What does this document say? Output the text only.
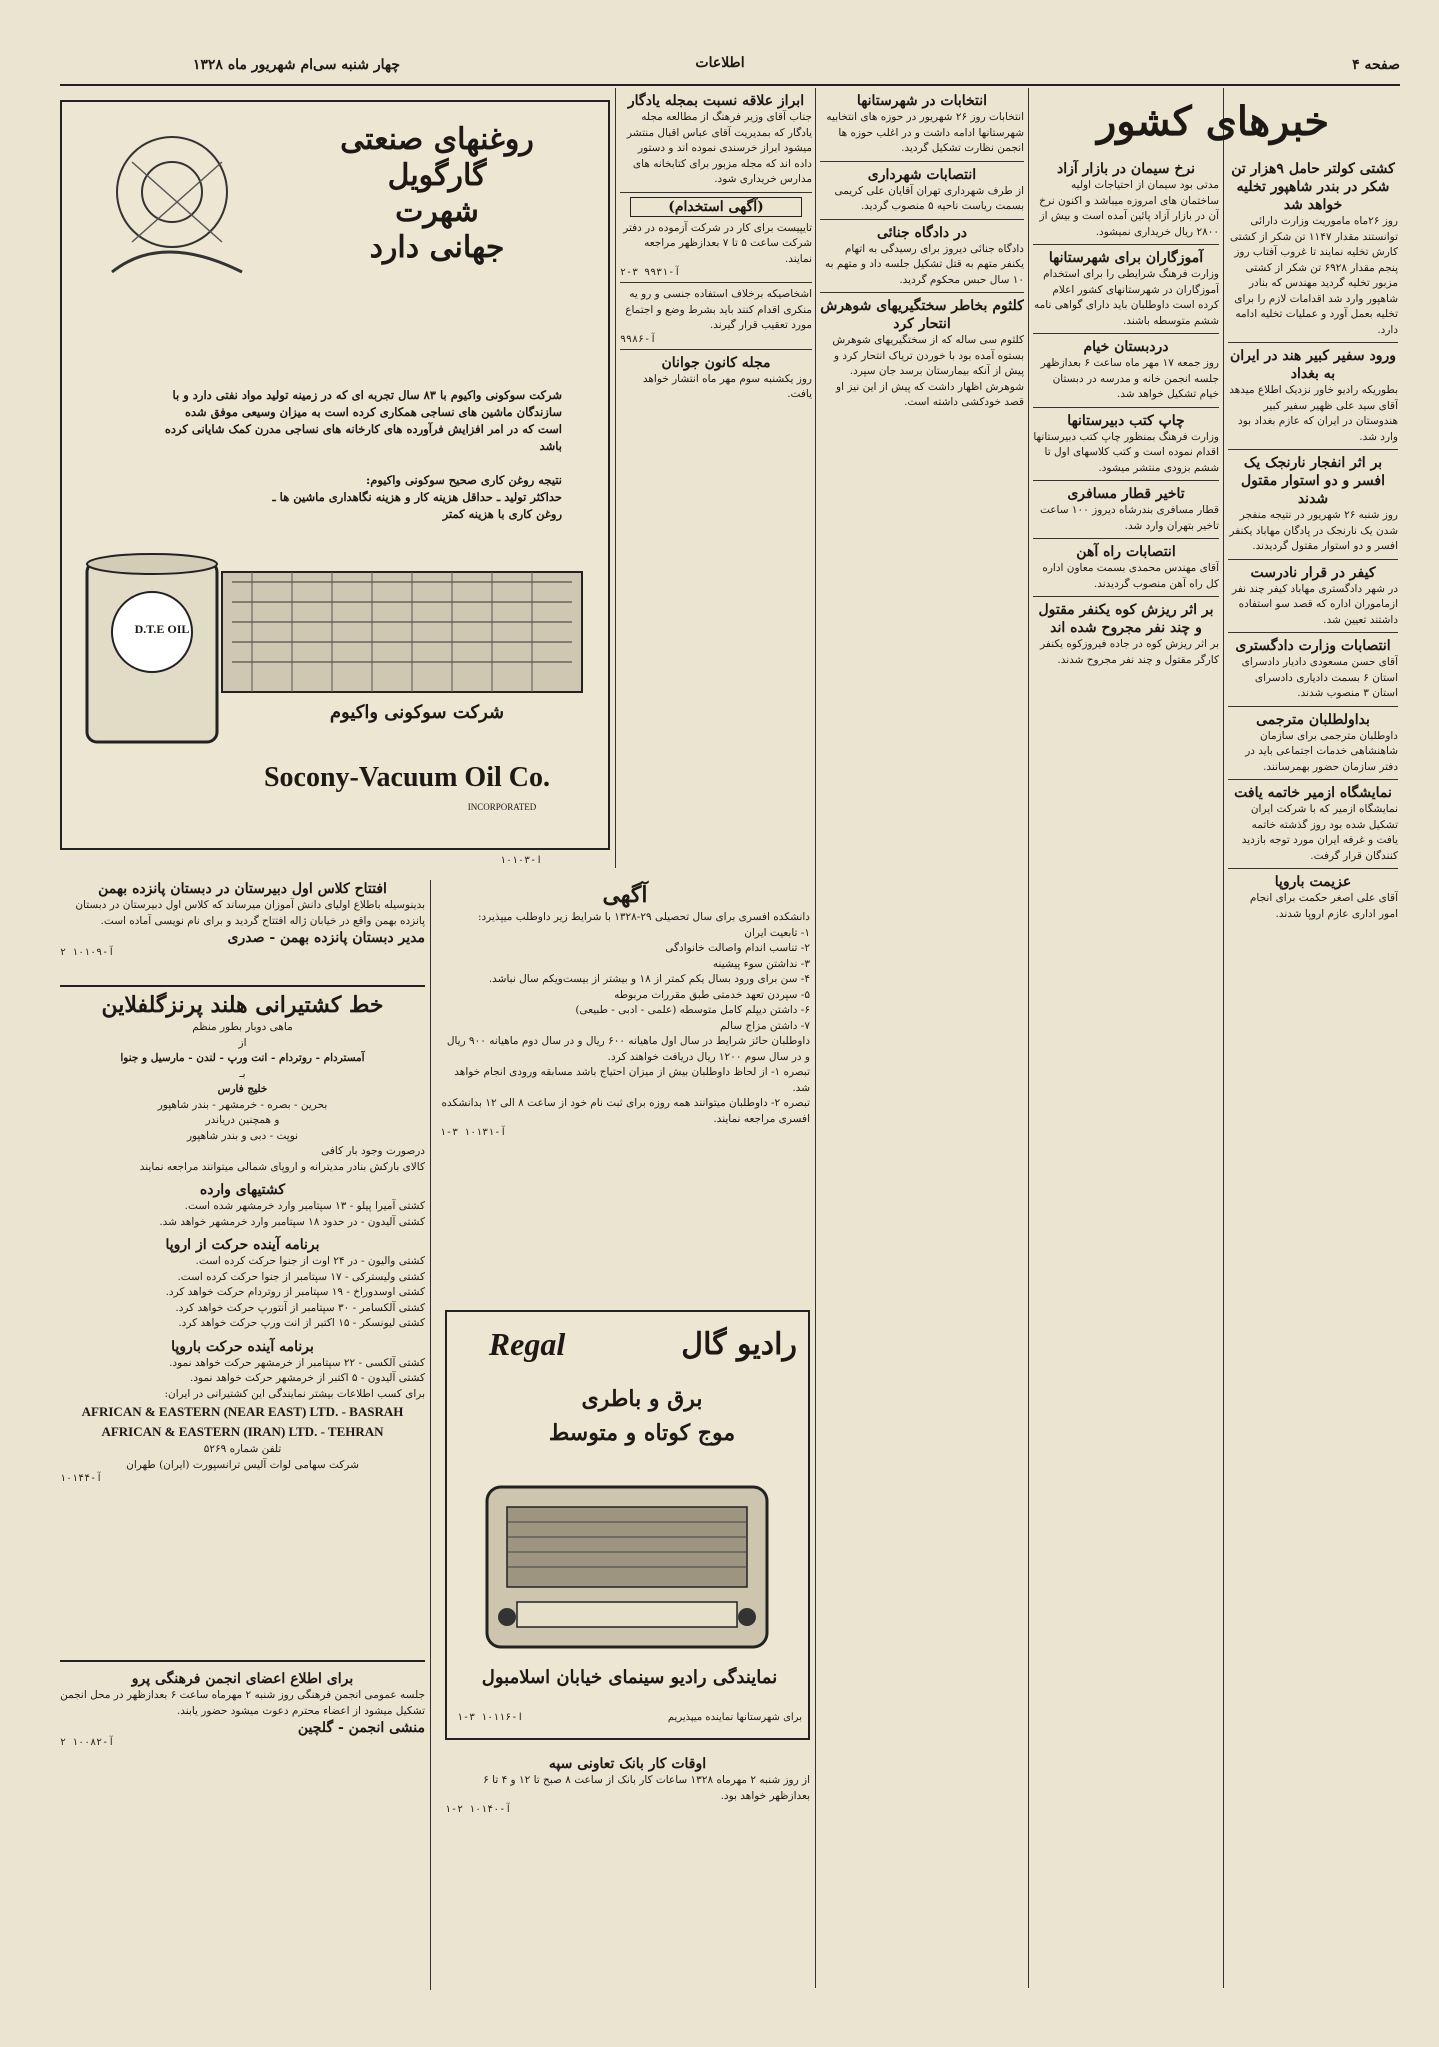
صفحه ۴
اطلاعات
چهار شنبه سی‌ام شهریور ماه ۱۳۲۸
خبرهای کشور
کشتی کولتر حامل ۹هزار تن شکر در بندر شاهپور تخلیه خواهد شد
روز ۲۶ماه ماموریت وزارت دارائی توانستند مقدار ۱۱۴۷ تن شکر از کشتی کارش تخلیه نمایند تا غروب آفتاب روز پنجم مقدار ۶۹۲۸ تن شکر از کشتی مزبور تخلیه گردید مهندس که بنادر شاهپور وارد شد اقدامات لازم را برای تخلیه بعمل آورد و عملیات تخلیه ادامه دارد.
ورود سفیر کبیر هند در ایران به بغداد
بطوریکه رادیو خاور نزدیک اطلاع میدهد آقای سید علی ظهیر سفیر کبیر هندوستان در ایران که عازم بغداد بود وارد شد.
بر اثر انفجار نارنجک یک افسر و دو استوار مقتول شدند
روز شنبه ۲۶ شهریور در نتیجه منفجر شدن یک نارنجک در پادگان مهاباد یکنفر افسر و دو استوار مقتول گردیدند.
کیفر در قرار نادرست
در شهر دادگستری مهاباد کیفر چند نفر ازماموران اداره که قصد سو استفاده داشتند تعیین شد.
انتصابات وزارت دادگستری
آقای حسن مسعودی دادیار دادسرای استان ۶ بسمت دادیاری دادسرای استان ۳ منصوب شدند.
بداولطلبان مترجمی
داوطلبان مترجمی برای سازمان شاهنشاهی خدمات اجتماعی باید در دفتر سازمان حضور بهمرسانند.
نمایشگاه ازمیر خاتمه یافت
نمایشگاه ازمیر که با شرکت ایران تشکیل شده بود روز گذشته خاتمه یافت و غرفه ایران مورد توجه بازدید کنندگان قرار گرفت.
عزیمت باروپا
آقای علی اصغر حکمت برای انجام امور اداری عازم اروپا شدند.
نرخ سیمان در بازار آزاد
مدتی بود سیمان از احتیاجات اولیه ساختمان های امروزه میباشد و اکنون نرخ آن در بازار آزاد پائین آمده است و بیش از ۲۸۰۰ ریال خریداری نمیشود.
آموزگاران برای شهرستانها
وزارت فرهنگ شرایطی را برای استخدام آموزگاران در شهرستانهای کشور اعلام کرده است داوطلبان باید دارای گواهی نامه ششم متوسطه باشند.
دردبستان خیام
روز جمعه ۱۷ مهر ماه ساعت ۶ بعدازظهر جلسه انجمن خانه و مدرسه در دبستان خیام تشکیل خواهد شد.
چاپ کتب دبیرستانها
وزارت فرهنگ بمنظور چاپ کتب دبیرستانها اقدام نموده است و کتب کلاسهای اول تا ششم بزودی منتشر میشود.
تاخیر قطار مسافری
قطار مسافری بندرشاه دیروز ۱۰۰ ساعت تاخیر بتهران وارد شد.
انتصابات راه آهن
آقای مهندس محمدی بسمت معاون اداره کل راه آهن منصوب گردیدند.
بر اثر ریزش کوه یکنفر مقتول و چند نفر مجروح شده اند
بر اثر ریزش کوه در جاده فیروزکوه یکنفر کارگر مقتول و چند نفر مجروح شدند.
انتخابات در شهرستانها
انتخابات روز ۲۶ شهریور در حوزه های انتخابیه شهرستانها ادامه داشت و در اغلب حوزه ها انجمن نظارت تشکیل گردید.
انتصابات شهرداری
از طرف شهرداری تهران آقایان علی کریمی بسمت ریاست ناحیه ۵ منصوب گردید.
در دادگاه جنائی
دادگاه جنائی دیروز برای رسیدگی به اتهام یکنفر متهم به قتل تشکیل جلسه داد و متهم به ۱۰ سال حبس محکوم گردید.
کلثوم بخاطر سختگیریهای شوهرش انتحار کرد
کلثوم سی ساله که از سختگیریهای شوهرش بستوه آمده بود با خوردن تریاک انتحار کرد و پیش از آنکه بیمارستان برسد جان سپرد. شوهرش اظهار داشت که پیش از این نیز او قصد خودکشی داشته است.
ابراز علاقه نسبت بمجله یادگار
جناب آقای وزیر فرهنگ از مطالعه مجله یادگار که بمدیریت آقای عباس اقبال منتشر میشود ابراز خرسندی نموده اند و دستور داده اند که مجله مزبور برای کتابخانه های مدارس خریداری شود.
(آگهی استخدام)
تایپیست برای کار در شرکت آزموده در دفتر شرکت ساعت ۵ تا ۷ بعدازظهر مراجعه نمایند.
آ-۹۹۳۱ ۳-۲
اشخاصیکه برخلاف استفاده جنسی و رو یه منکری اقدام کنند باید بشرط وضع و اجتماع مورد تعقیب قرار گیرند.
آ-۹۹۸۶
مجله کانون جوانان
روز یکشنبه سوم مهر ماه انتشار خواهد یافت.
روغنهای صنعتی
گارگویل
شهرت
جهانی دارد
شرکت سوکونی واکیوم با ۸۳ سال تجربه ای که در زمینه تولید مواد نفتی دارد و با سازندگان ماشین های نساجی همکاری کرده است به میزان وسیعی موفق شده است که در امر افزایش فرآورده های کارخانه های نساجی مدرن کمک شایانی کرده باشد
نتیجه روغن کاری صحیح سوکونی واکیوم:
حداکثر تولید ـ حداقل هزینه کار و هزینه نگاهداری ماشین ها ـ
روغن کاری با هزینه کمتر
D.T.E OIL
شرکت سوکونی واکیوم
Socony-Vacuum Oil Co.
INCORPORATED
آ-۱۰۱۰۳
افتتاح کلاس اول دبیرستان در دبستان پانزده بهمن
بدینوسیله باطلاع اولیای دانش آموزان میرساند که کلاس اول دبیرستان در دبستان پانزده بهمن واقع در خیابان ژاله افتتاح گردید و برای نام نویسی آماده است.
مدیر دبستان پانزده بهمن - صدری
آ-۱۰۱۰۹ ۲
خط کشتیرانی هلند پرنزگلفلاین
ماهی دوبار بطور منظم
از
آمستردام - روتردام - انت ورپ - لندن - مارسیل و جنوا
بـ
خلیج فارس
بحرین - بصره - خرمشهر - بندر شاهپور
و همچنین دریاندر
نوپت - دبی و بندر شاهپور
درصورت وجود بار کافی
کالای بارکش بنادر مدیترانه و اروپای شمالی میتوانند مراجعه نمایند
کشتیهای وارده
کشتی آمیرا پیلو - ۱۳ سپتامبر وارد خرمشهر شده است.
کشتی آلیدون - در حدود ۱۸ سپتامبر وارد خرمشهر خواهد شد.
برنامه آینده حرکت از اروپا
کشتی والیون - در ۲۴ اوت از جنوا حرکت کرده است.
کشتی ولیسترکی - ۱۷ سپتامبر از جنوا حرکت کرده است.
کشتی اوسدوراخ - ۱۹ سپتامبر از روتردام حرکت خواهد کرد.
کشتی آلکسامر - ۳۰ سپتامبر از آنتورپ حرکت خواهد کرد.
کشتی لیونسکر - ۱۵ اکتبر از انت ورپ حرکت خواهد کرد.
برنامه آینده حرکت باروپا
کشتی آلکسی - ۲۲ سپتامبر از خرمشهر حرکت خواهد نمود.
کشتی آلیدون - ۵ اکتبر از خرمشهر حرکت خواهد نمود.
برای کسب اطلاعات بیشتر نمایندگی این کشتیرانی در ایران:
AFRICAN & EASTERN (NEAR EAST) LTD. - BASRAH
AFRICAN & EASTERN (IRAN) LTD. - TEHRAN
تلفن شماره ۵۲۶۹
شرکت سهامی لوات آلیس ترانسپورت (ایران) طهران
آ-۱۰۱۴۴
برای اطلاع اعضای انجمن فرهنگی پرو
جلسه عمومی انجمن فرهنگی روز شنبه ۲ مهرماه ساعت ۶ بعدازظهر در محل انجمن تشکیل میشود از اعضاء محترم دعوت میشود حضور یابند.
منشی انجمن - گلچین
آ-۱۰۰۸۲ ۲
آگهی
دانشکده افسری برای سال تحصیلی ۲۹-۱۳۲۸ با شرایط زیر داوطلب میپذیرد:
۱- تابعیت ایران
۲- تناسب اندام واصالت خانوادگی
۳- نداشتن سوء پیشینه
۴- سن برای ورود بسال یکم کمتر از ۱۸ و بیشتر از بیست‌ویکم سال نباشد.
۵- سپردن تعهد خدمتی طبق مقررات مربوطه
۶- داشتن دیپلم کامل متوسطه (علمی - ادبی - طبیعی)
۷- داشتن مزاج سالم
داوطلبان حائز شرایط در سال اول ماهیانه ۶۰۰ ریال و در سال دوم ماهیانه ۹۰۰ ریال و در سال سوم ۱۲۰۰ ریال دریافت خواهند کرد.
تبصره ۱- از لحاظ داوطلبان بیش از میزان احتیاج باشد مسابقه ورودی انجام خواهد شد.
تبصره ۲- داوطلبان میتوانند همه روزه برای ثبت نام خود از ساعت ۸ الی ۱۲ بدانشکده افسری مراجعه نمایند.
آ-۱۰۱۳۱ ۳-۱
رادیو گال
Regal
برق و باطری
موج کوتاه و متوسط
نمایندگی رادیو سینمای خیابان اسلامبول
برای شهرستانها نماینده میپذیریم
آ-۱۰۱۱۶ ۳-۱
اوقات کار بانک تعاونی سپه
از روز شنبه ۲ مهرماه ۱۳۲۸ ساعات کار بانک از ساعت ۸ صبح تا ۱۲ و ۴ تا ۶ بعدازظهر خواهد بود.
آ-۱۰۱۴۰ ۲-۱
